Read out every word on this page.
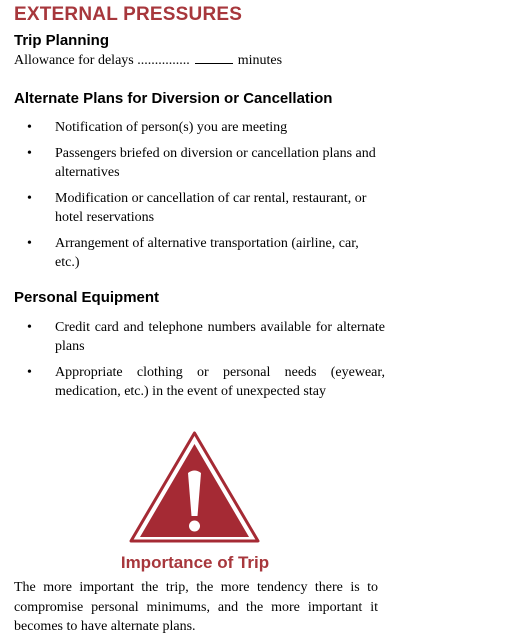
EXTERNAL PRESSURES
Trip Planning
Allowance for delays ...............	minutes
Alternate Plans for Diversion or Cancellation
• Notification of person(s) you are meeting
• Passengers briefed on diversion or cancellation plans and alternatives
• Modification or cancellation of car rental, restaurant, or hotel reservations
• Arrangement of alternative transportation (airline, car, etc.)
Personal Equipment
• Credit card and telephone numbers available for alternate plans
• Appropriate clothing or personal needs (eyewear, medication, etc.) in the event of unexpected stay
Importance of Trip
The more important the trip, the more tendency there is to compromise personal minimums, and the more important it becomes to have alternate plans.
